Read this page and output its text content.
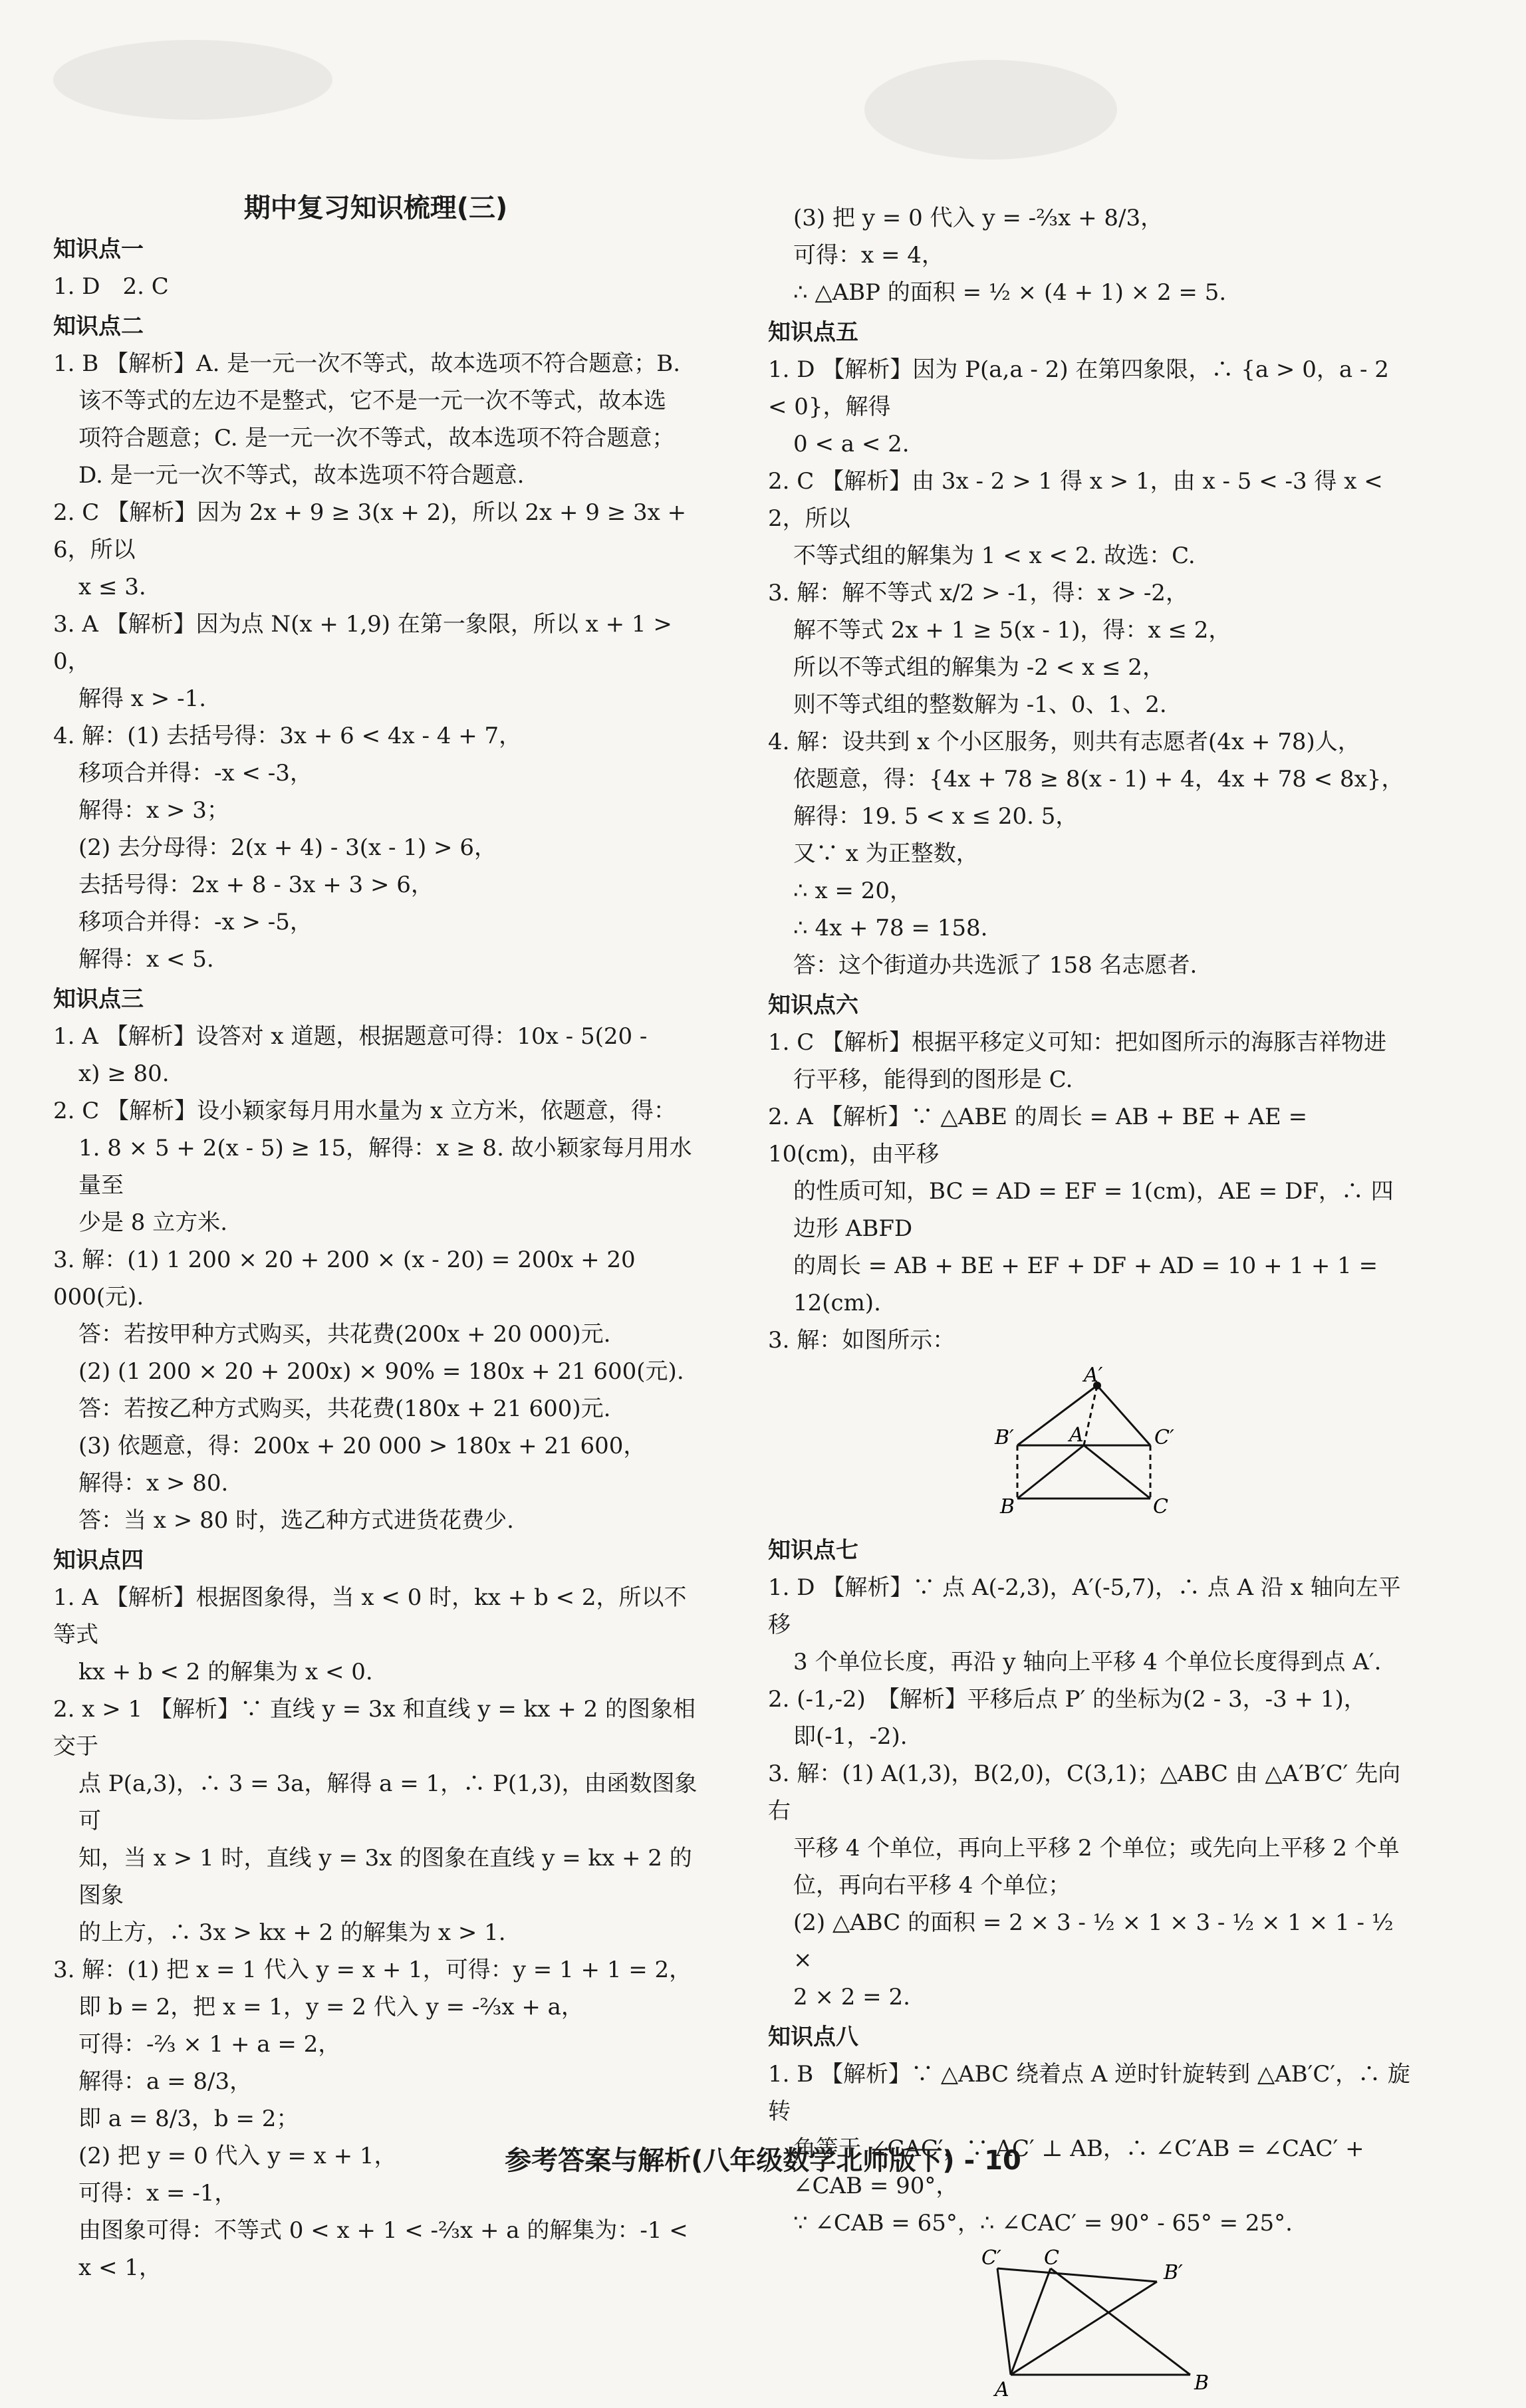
期中复习知识梳理(三)
知识点一
1. D　2. C
知识点二
1. B 【解析】A. 是一元一次不等式，故本选项不符合题意；B.
该不等式的左边不是整式，它不是一元一次不等式，故本选
项符合题意；C. 是一元一次不等式，故本选项不符合题意；
D. 是一元一次不等式，故本选项不符合题意.
2. C 【解析】因为 2x + 9 ≥ 3(x + 2)，所以 2x + 9 ≥ 3x + 6，所以
x ≤ 3.
3. A 【解析】因为点 N(x + 1,9) 在第一象限，所以 x + 1 > 0，
解得 x > -1.
4. 解：(1) 去括号得：3x + 6 < 4x - 4 + 7，
移项合并得：-x < -3，
解得：x > 3；
(2) 去分母得：2(x + 4) - 3(x - 1) > 6，
去括号得：2x + 8 - 3x + 3 > 6，
移项合并得：-x > -5，
解得：x < 5.
知识点三
1. A 【解析】设答对 x 道题，根据题意可得：10x - 5(20 -
x) ≥ 80.
2. C 【解析】设小颖家每月用水量为 x 立方米，依题意，得：
1. 8 × 5 + 2(x - 5) ≥ 15，解得：x ≥ 8. 故小颖家每月用水量至
少是 8 立方米.
3. 解：(1) 1 200 × 20 + 200 × (x - 20) = 200x + 20 000(元).
答：若按甲种方式购买，共花费(200x + 20 000)元.
(2) (1 200 × 20 + 200x) × 90% = 180x + 21 600(元).
答：若按乙种方式购买，共花费(180x + 21 600)元.
(3) 依题意，得：200x + 20 000 > 180x + 21 600，
解得：x > 80.
答：当 x > 80 时，选乙种方式进货花费少.
知识点四
1. A 【解析】根据图象得，当 x < 0 时，kx + b < 2，所以不等式
kx + b < 2 的解集为 x < 0.
2. x > 1 【解析】∵ 直线 y = 3x 和直线 y = kx + 2 的图象相交于
点 P(a,3)，∴ 3 = 3a，解得 a = 1，∴ P(1,3)，由函数图象可
知，当 x > 1 时，直线 y = 3x 的图象在直线 y = kx + 2 的图象
的上方，∴ 3x > kx + 2 的解集为 x > 1.
3. 解：(1) 把 x = 1 代入 y = x + 1，可得：y = 1 + 1 = 2，
即 b = 2，把 x = 1，y = 2 代入 y = -⅔x + a，
可得：-⅔ × 1 + a = 2，
解得：a = 8/3，
即 a = 8/3，b = 2；
(2) 把 y = 0 代入 y = x + 1，
可得：x = -1，
由图象可得：不等式 0 < x + 1 < -⅔x + a 的解集为：-1 < x < 1，
(3) 把 y = 0 代入 y = -⅔x + 8/3，
可得：x = 4，
∴ △ABP 的面积 = ½ × (4 + 1) × 2 = 5.
知识点五
1. D 【解析】因为 P(a,a - 2) 在第四象限，∴ {a > 0，a - 2 < 0}，解得
0 < a < 2.
2. C 【解析】由 3x - 2 > 1 得 x > 1，由 x - 5 < -3 得 x < 2，所以
不等式组的解集为 1 < x < 2. 故选：C.
3. 解：解不等式 x/2 > -1，得：x > -2，
解不等式 2x + 1 ≥ 5(x - 1)，得：x ≤ 2，
所以不等式组的解集为 -2 < x ≤ 2，
则不等式组的整数解为 -1、0、1、2.
4. 解：设共到 x 个小区服务，则共有志愿者(4x + 78)人，
依题意，得：{4x + 78 ≥ 8(x - 1) + 4，4x + 78 < 8x}，
解得：19. 5 < x ≤ 20. 5，
又∵ x 为正整数，
∴ x = 20，
∴ 4x + 78 = 158.
答：这个街道办共选派了 158 名志愿者.
知识点六
1. C 【解析】根据平移定义可知：把如图所示的海豚吉祥物进
行平移，能得到的图形是 C.
2. A 【解析】∵ △ABE 的周长 = AB + BE + AE = 10(cm)，由平移
的性质可知，BC = AD = EF = 1(cm)，AE = DF，∴ 四边形 ABFD
的周长 = AB + BE + EF + DF + AD = 10 + 1 + 1 = 12(cm).
3. 解：如图所示：
A′
B′	A	C′
B	C
知识点七
1. D 【解析】∵ 点 A(-2,3)，A′(-5,7)，∴ 点 A 沿 x 轴向左平移
3 个单位长度，再沿 y 轴向上平移 4 个单位长度得到点 A′.
2. (-1,-2)　【解析】平移后点 P′ 的坐标为(2 - 3，-3 + 1)，
即(-1，-2).
3. 解：(1) A(1,3)，B(2,0)，C(3,1)；△ABC 由 △A′B′C′ 先向右
平移 4 个单位，再向上平移 2 个单位；或先向上平移 2 个单
位，再向右平移 4 个单位；
(2) △ABC 的面积 = 2 × 3 - ½ × 1 × 3 - ½ × 1 × 1 - ½ ×
2 × 2 = 2.
知识点八
1. B 【解析】∵ △ABC 绕着点 A 逆时针旋转到 △AB′C′，∴ 旋转
角等于 ∠CAC′，∵ AC′ ⊥ AB，∴ ∠C′AB = ∠CAC′ + ∠CAB = 90°，
∵ ∠CAB = 65°，∴ ∠CAC′ = 90° - 65° = 25°.
C′ C
B′
A	B
参考答案与解析(八年级数学北师版下) - 10
